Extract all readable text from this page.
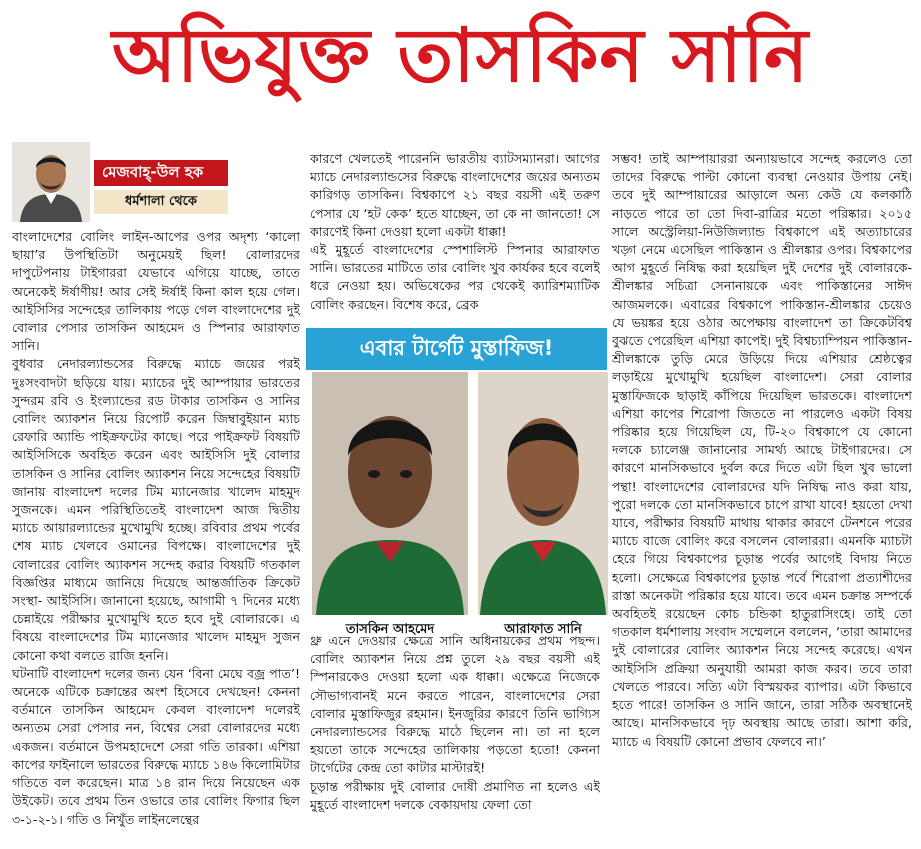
অভিযুক্ত তাসকিন সানি
মেজবাহ্-উল হক
ধর্মশালা থেকে

বাংলাদেশের বোলিং লাইন-আপের ওপর অদৃশ্য ‘কালো ছায়া’র উপস্থিতিটা অনুমেয়ই ছিল! বোলারদের দাপুটেপনায় টাইগাররা যেভাবে এগিয়ে যাচ্ছে, তাতে অনেকেই ঈর্ষাণীয়! আর সেই ঈর্ষাই কিনা কাল হয়ে গেল। আইসিসির সন্দেহের তালিকায় পড়ে গেল বাংলাদেশের দুই বোলার পেসার তাসকিন আহমেদ ও স্পিনার আরাফাত সানি।

বুধবার নেদারল্যান্ডসের বিরুদ্ধে ম্যাচে জয়ের পরই দুঃসংবাদটা ছড়িয়ে যায়। ম্যাচের দুই আম্পায়ার ভারতের সুন্দরম রবি ও ইংল্যান্ডের রড টাকার তাসকিন ও সানির বোলিং অ্যাকশন নিয়ে রিপোর্ট করেন জিম্বাবুইয়ান ম্যাচ রেফারি অ্যান্ডি পাইক্রফটের কাছে। পরে পাইক্রফট বিষয়টি আইসিসিকে অবহিত করেন এবং আইসিসি দুই বোলার তাসকিন ও সানির বোলিং অ্যাকশন নিয়ে সন্দেহের বিষয়টি জানায় বাংলাদেশ দলের টিম ম্যানেজার খালেদ মাহমুদ সুজনকে। এমন পরিস্থিতিতেই বাংলাদেশ আজ দ্বিতীয় ম্যাচে আয়ারল্যান্ডের মুখোমুখি হচ্ছে। রবিবার প্রথম পর্বের শেষ ম্যাচ খেলবে ওমানের বিপক্ষে। বাংলাদেশের দুই বোলারের বোলিং অ্যাকশন সন্দেহ করার বিষয়টি গতকাল বিজ্ঞপ্তির মাধ্যমে জানিয়ে দিয়েছে আন্তর্জাতিক ক্রিকেট সংস্থা- আইসিসি। জানানো হয়েছে, আগামী ৭ দিনের মধ্যে চেন্নাইয়ে পরীক্ষার মুখোমুখি হতে হবে দুই বোলারকে। এ বিষয়ে বাংলাদেশের টিম ম্যানেজার খালেদ মাহমুদ সুজন কোনো কথা বলতে রাজি হননি।

ঘটনাটি বাংলাদেশ দলের জন্য যেন ‘বিনা মেঘে বজ্র পাত’! অনেকে এটিকে চক্রান্তের অংশ হিসেবে দেখছেন! কেননা বর্তমানে তাসকিন আহমেদ কেবল বাংলাদেশ দলেরই অন্যতম সেরা পেসার নন, বিশ্বের সেরা বোলারদের মধ্যে একজন। বর্তমানে উপমহাদেশে সেরা গতি তারকা। এশিয়া কাপের ফাইনালে ভারতের বিরুদ্ধে ম্যাচে ১৪৬ কিলোমিটার গতিতে বল করেছেন। মাত্র ১৪ রান দিয়ে নিয়েছেন এক উইকেট। তবে প্রথম তিন ওভারে তার বোলিং ফিগার ছিল ৩-১-২-১। গতি ও নিখুঁত লাইনলেন্থের

কারণে খেলতেই পারেননি ভারতীয় ব্যাটসম্যানরা। আগের ম্যাচে নেদারল্যান্ডসের বিরুদ্ধে বাংলাদেশের জয়ের অন্যতম কারিগড় তাসকিন। বিশ্বকাপে ২১ বছর বয়সী এই তরুণ পেসার যে ‘হট কেক’ হতে যাচ্ছেন, তা কে না জানতো! সে কারণেই কিনা দেওয়া হলো একটা ধাক্কা!

এই মুহূর্তে বাংলাদেশের স্পেশালিস্ট স্পিনার আরাফাত সানি। ভারতের মাটিতে তার বোলিং খুব কার্যকর হবে বলেই ধরে নেওয়া হয়। অভিষেকের পর থেকেই ক্যারিশম্যাটিক বোলিং করছেন। বিশেষ করে, ব্রেক

এবার টার্গেট মুস্তাফিজ!
তাসকিন আহমেদ	আরাফাত সানি

থ্রু এনে দেওয়ার ক্ষেত্রে সানি অধিনায়কের প্রথম পছন্দ। বোলিং অ্যাকশন নিয়ে প্রশ্ন তুলে ২৯ বছর বয়সী এই স্পিনারকেও দেওয়া হলো এক ধাক্কা। এক্ষেত্রে নিজেকে সৌভাগ্যবানই মনে করতে পারেন, বাংলাদেশের সেরা বোলার মুস্তাফিজুর রহমান। ইনজুরির কারণে তিনি ভাগ্যিস নেদারল্যান্ডসের বিরুদ্ধে মাঠে ছিলেন না। তা না হলে হয়তো তাকে সন্দেহের তালিকায় পড়তো হতো! কেননা টার্গেটের কেন্দ্র তো কাটার মাস্টারই!

চূড়ান্ত পরীক্ষায় দুই বোলার দোষী প্রমাণিত না হলেও এই মুহূর্তে বাংলাদেশ দলকে বেকায়দায় ফেলা তো

সম্ভব! তাই আম্পায়াররা অন্যায়ভাবে সন্দেহ করলেও তো তাদের বিরুদ্ধে পাল্টা কোনো ব্যবস্থা নেওয়ার উপায় নেই। তবে দুই আম্পায়ারের আড়ালে অন্য কেউ যে কলকাঠি নাড়তে পারে তা তো দিবা-রাত্রির মতো পরিষ্কার। ২০১৫ সালে অস্ট্রেলিয়া-নিউজিল্যান্ড বিশ্বকাপে এই অত্যাচারের খড়্গ নেমে এসেছিল পাকিস্তান ও শ্রীলঙ্কার ওপর। বিশ্বকাপের আগ মুহূর্তে নিষিদ্ধ করা হয়েছিল দুই দেশের দুই বোলারকে- শ্রীলঙ্কার সচিত্রা সেনানায়কে এবং পাকিস্তানের সাঈদ আজমলকে। এবারের বিশ্বকাপে পাকিস্তান-শ্রীলঙ্কার চেয়েও যে ভয়ঙ্কর হয়ে ওঠার অপেক্ষায় বাংলাদেশ তা ক্রিকেটবিশ্ব বুঝতে পেরেছিল এশিয়া কাপেই। দুই বিশ্বচ্যাম্পিয়ন পাকিস্তান-শ্রীলঙ্কাকে তুড়ি মেরে উড়িয়ে দিয়ে এশিয়ার শ্রেষ্ঠত্বের লড়াইয়ে মুখোমুখি হয়েছিল বাংলাদেশ। সেরা বোলার মুস্তাফিজকে ছাড়াই কাঁপিয়ে দিয়েছিল ভারতকে। বাংলাদেশ এশিয়া কাপের শিরোপা জিততে না পারলেও একটা বিষয় পরিষ্কার হয়ে গিয়েছিল যে, টি-২০ বিশ্বকাপে যে কোনো দলকে চ্যালেঞ্জ জানানোর সামর্থ্য আছে টাইগারদের। সে কারণে মানসিকভাবে দুর্বল করে দিতে এটা ছিল খুব ভালো পন্থা! বাংলাদেশের বোলারদের যদি নিষিদ্ধ নাও করা যায়, পুরো দলকে তো মানসিকভাবে চাপে রাখা যাবে! হয়তো দেখা যাবে, পরীক্ষার বিষয়টি মাথায় থাকার কারণে টেনশনে পরের ম্যাচে বাজে বোলিং করে বসলেন বোলাররা। এমনকি ম্যাচটা হেরে গিয়ে বিশ্বকাপের চূড়ান্ত পর্বের আগেই বিদায় নিতে হলো। সেক্ষেত্রে বিশ্বকাপের চূড়ান্ত পর্বে শিরোপা প্রত্যাশীদের রাস্তা অনেকটা পরিষ্কার হয়ে যাবে। তবে এমন চক্রান্ত সম্পর্কে অবহিতই রয়েছেন কোচ চন্ডিকা হাতুরাসিংহে। তাই তো গতকাল ধর্মশালায় সংবাদ সম্মেলনে বললেন, ‘তারা আমাদের দুই বোলারের বোলিং অ্যাকশন নিয়ে সন্দেহ করেছে। এখন আইসিসি প্রক্রিয়া অনুযায়ী আমরা কাজ করব। তবে তারা খেলতে পারবে। সত্যি এটা বিস্ময়কর ব্যাপার। এটা কিভাবে হতে পারে! তাসকিন ও সানি জানে, তারা সঠিক অবস্থানেই আছে। মানসিকভাবে দৃঢ় অবস্থায় আছে তারা। আশা করি, ম্যাচে এ বিষয়টি কোনো প্রভাব ফেলবে না।’
